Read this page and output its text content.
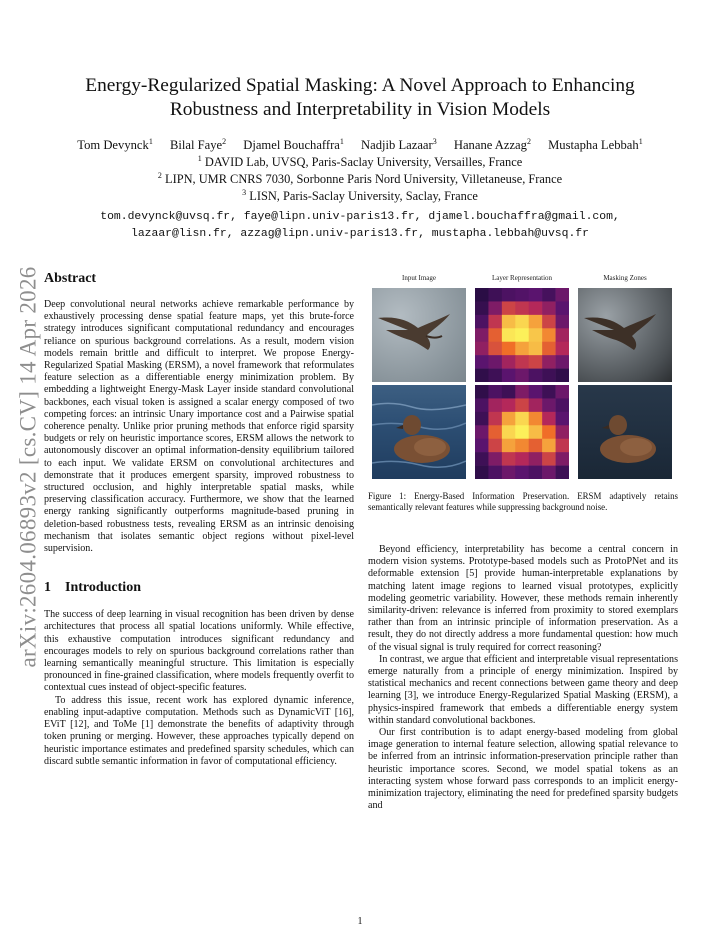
arXiv:2604.06893v2 [cs.CV] 14 Apr 2026
Energy-Regularized Spatial Masking: A Novel Approach to Enhancing
Robustness and Interpretability in Vision Models
Tom Devynck$^1$ Bilal Faye$^2$ Djamel Bouchaffra$^1$ Nadjib Lazaar$^3$ Hanane Azzag$^2$ Mustapha Lebbah$^1$
$^1$ DAVID Lab, UVSQ, Paris-Saclay University, Versailles, France
$^2$ LIPN, UMR CNRS 7030, Sorbonne Paris Nord University, Villetaneuse, France
$^3$ LISN, Paris-Saclay University, Saclay, France
tom.devynck@uvsq.fr, faye@lipn.univ-paris13.fr, djamel.bouchaffra@gmail.com,
lazaar@lisn.fr, azzag@lipn.univ-paris13.fr, mustapha.lebbah@uvsq.fr
Abstract

Deep convolutional neural networks achieve remarkable performance by exhaustively processing dense spatial feature maps, yet this brute-force strategy introduces significant computational redundancy and encourages reliance on spurious background correlations. As a result, modern vision models remain brittle and difficult to interpret. We propose Energy-Regularized Spatial Masking (ERSM), a novel framework that reformulates feature selection as a differentiable energy minimization problem. By embedding a lightweight Energy-Mask Layer inside standard convolutional backbones, each visual token is assigned a scalar energy composed of two competing forces: an intrinsic Unary importance cost and a Pairwise spatial coherence penalty. Unlike prior pruning methods that enforce rigid sparsity budgets or rely on heuristic importance scores, ERSM allows the network to autonomously discover an optimal information-density equilibrium tailored to each input. We validate ERSM on convolutional architectures and demonstrate that it produces emergent sparsity, improved robustness to structured occlusion, and highly interpretable spatial masks, while preserving classification accuracy. Furthermore, we show that the learned energy ranking significantly outperforms magnitude-based pruning in deletion-based robustness tests, revealing ERSM as an intrinsic denoising mechanism that isolates semantic object regions without pixel-level supervision.

1 Introduction

The success of deep learning in visual recognition has been driven by dense architectures that process all spatial locations uniformly. While effective, this exhaustive computation introduces significant redundancy and encourages models to rely on spurious background correlations rather than learning semantically meaningful structure. This limitation is especially pronounced in fine-grained classification, where models frequently overfit to contextual cues instead of object-specific features.

To address this issue, recent work has explored dynamic inference, enabling input-adaptive computation. Methods such as DynamicViT [16], EViT [12], and ToMe [1] demonstrate the benefits of adaptivity through token pruning or merging. However, these approaches typically depend on heuristic importance estimates and predefined sparsity schedules, which can discard subtle semantic information in favor of computational efficiency.

Input Image	Layer Representation	Masking Zones
Figure 1: Energy-Based Information Preservation. ERSM adaptively retains semantically relevant features while suppressing background noise.

Beyond efficiency, interpretability has become a central concern in modern vision systems. Prototype-based models such as ProtoPNet and its deformable extension [5] provide human-interpretable explanations by matching latent image regions to learned visual prototypes, explicitly modeling geometric variability. However, these methods remain inherently similarity-driven: relevance is inferred from proximity to stored exemplars rather than from an intrinsic principle of information preservation. As a result, they do not directly address a more fundamental question: how much of the visual signal is truly required for correct reasoning?

In contrast, we argue that efficient and interpretable visual representations emerge naturally from a principle of energy minimization. Inspired by statistical mechanics and recent connections between game theory and deep learning [3], we introduce Energy-Regularized Spatial Masking (ERSM), a physics-inspired framework that embeds a differentiable energy system within standard convolutional backbones.

Our first contribution is to adapt energy-based modeling from global image generation to internal feature selection, allowing spatial relevance to be inferred from an intrinsic information-preservation principle rather than heuristic importance scores. Second, we model spatial tokens as an interacting system whose forward pass corresponds to an implicit energy-minimization trajectory, eliminating the need for predefined sparsity budgets and

1
